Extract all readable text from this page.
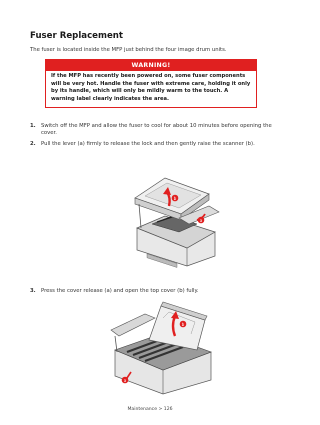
Fuser Replacement
The fuser is located inside the MFP just behind the four image drum units.
WARNING!
If the MFP has recently been powered on, some fuser components will be very hot. Handle the fuser with extreme care, holding it only by its handle, which will only be mildly warm to the touch. A warning label clearly indicates the area.
1. Switch off the MFP and allow the fuser to cool for about 10 minutes before opening the cover.
2. Pull the lever (a) firmly to release the lock and then gently raise the scanner (b).
a
b
3. Press the cover release (a) and open the top cover (b) fully.
a
b
Maintenance > 126
